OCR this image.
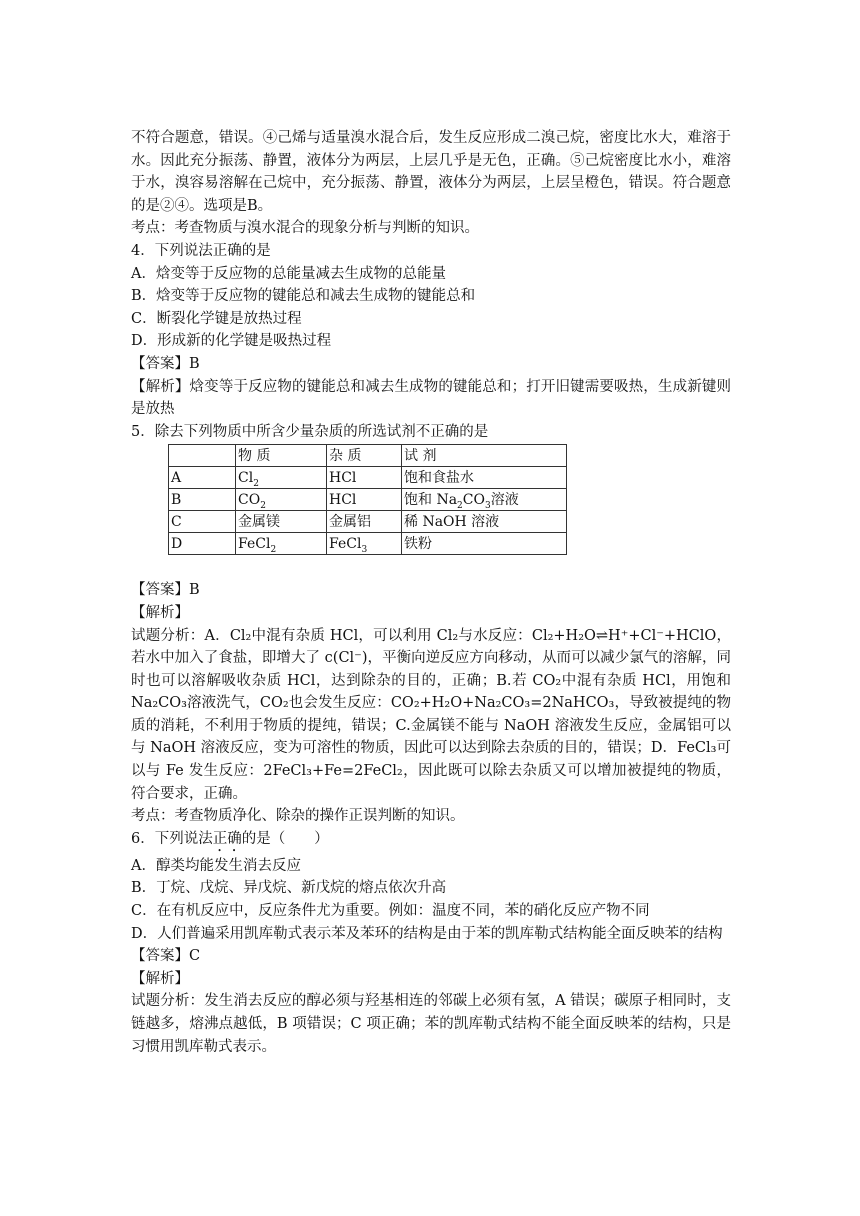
不符合题意，错误。④己烯与适量溴水混合后，发生反应形成二溴己烷，密度比水大，难溶于水。因此充分振荡、静置，液体分为两层，上层几乎是无色，正确。⑤己烷密度比水小，难溶于水，溴容易溶解在己烷中，充分振荡、静置，液体分为两层，上层呈橙色，错误。符合题意的是②④。选项是B。

考点：考查物质与溴水混合的现象分析与判断的知识。

4．下列说法正确的是

A．焓变等于反应物的总能量减去生成物的总能量

B．焓变等于反应物的键能总和减去生成物的键能总和

C．断裂化学键是放热过程

D．形成新的化学键是吸热过程

【答案】B

【解析】焓变等于反应物的键能总和减去生成物的键能总和；打开旧键需要吸热，生成新键则是放热

5．除去下列物质中所含少量杂质的所选试剂不正确的是

	物 质	杂 质	试 剂
A	$Cl_2$	HCl	饱和食盐水
B	$CO_2$	HCl	饱和 $Na_2CO_3$溶液
C	金属镁	金属铝	稀 NaOH 溶液
D	FeCl$_2$	FeCl$_3$	铁粉

【答案】B

【解析】

试题分析：A．Cl₂中混有杂质 HCl，可以利用 Cl₂与水反应：Cl₂+H₂O⇌H⁺+Cl⁻+HClO，若水中加入了食盐，即增大了 c(Cl⁻)，平衡向逆反应方向移动，从而可以减少氯气的溶解，同时也可以溶解吸收杂质 HCl，达到除杂的目的，正确；B.若 CO₂中混有杂质 HCl，用饱和 Na₂CO₃溶液洗气，CO₂也会发生反应：CO₂+H₂O+Na₂CO₃=2NaHCO₃，导致被提纯的物质的消耗，不利用于物质的提纯，错误；C.金属镁不能与 NaOH 溶液发生反应，金属铝可以与 NaOH 溶液反应，变为可溶性的物质，因此可以达到除去杂质的目的，错误；D．FeCl₃可以与 Fe 发生反应：2FeCl₃+Fe=2FeCl₂，因此既可以除去杂质又可以增加被提纯的物质，符合要求，正确。

考点：考查物质净化、除杂的操作正误判断的知识。

6．下列说法正确的是（　　）

A．醇类均能发生消去反应

B．丁烷、戊烷、异戊烷、新戊烷的熔点依次升高

C．在有机反应中，反应条件尤为重要。例如：温度不同，苯的硝化反应产物不同

D．人们普遍采用凯库勒式表示苯及苯环的结构是由于苯的凯库勒式结构能全面反映苯的结构

【答案】C

【解析】

试题分析：发生消去反应的醇必须与羟基相连的邻碳上必须有氢，A 错误；碳原子相同时，支链越多，熔沸点越低，B 项错误；C 项正确；苯的凯库勒式结构不能全面反映苯的结构，只是习惯用凯库勒式表示。
